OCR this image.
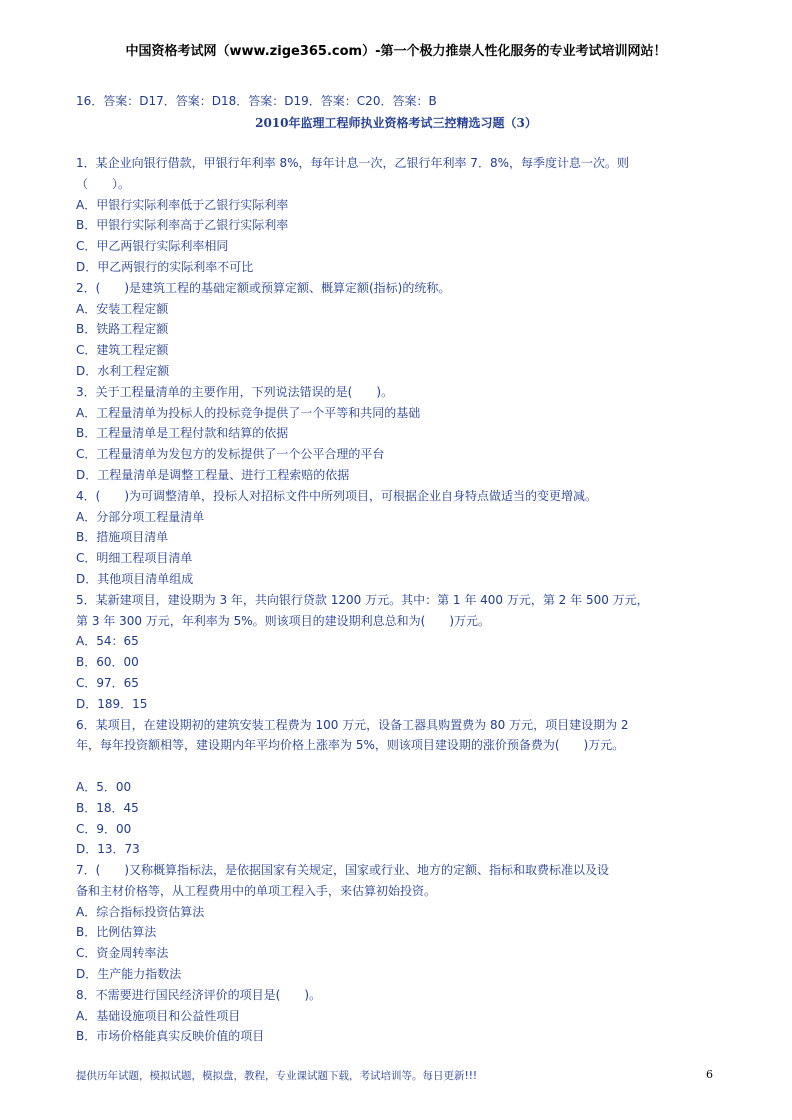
中国资格考试网（www.zige365.com）-第一个极力推崇人性化服务的专业考试培训网站！
16．答案：D17．答案：D18．答案：D19．答案：C20．答案：B
2010年监理工程师执业资格考试三控精选习题（3）
1．某企业向银行借款，甲银行年利率 8%，每年计息一次，乙银行年利率 7．8%，每季度计息一次。则
（　　）。
A．甲银行实际利率低于乙银行实际利率
B．甲银行实际利率高于乙银行实际利率
C．甲乙两银行实际利率相同
D．甲乙两银行的实际利率不可比
2．(　　)是建筑工程的基础定额或预算定额、概算定额(指标)的统称。
A．安装工程定额
B．铁路工程定额
C．建筑工程定额
D．水利工程定额
3．关于工程量清单的主要作用，下列说法错误的是(　　)。
A．工程量清单为投标人的投标竞争提供了一个平等和共同的基础
B．工程量清单是工程付款和结算的依据
C．工程量清单为发包方的发标提供了一个公平合理的平台
D．工程量清单是调整工程量、进行工程索赔的依据
4．(　　)为可调整清单，投标人对招标文件中所列项目，可根据企业自身特点做适当的变更增减。
A．分部分项工程量清单
B．措施项目清单
C．明细工程项目清单
D．其他项目清单组成
5．某新建项目，建设期为 3 年，共向银行贷款 1200 万元。其中：第 1 年 400 万元，第 2 年 500 万元，
第 3 年 300 万元，年利率为 5%。则该项目的建设期利息总和为(　　)万元。
A．54：65
B．60．00
C．97．65
D．189．15
6．某项目，在建设期初的建筑安装工程费为 100 万元，设备工器具购置费为 80 万元，项目建设期为 2
年，每年投资额相等，建设期内年平均价格上涨率为 5%，则该项目建设期的涨价预备费为(　　)万元。
A．5．00
B．18．45
C．9．00
D．13．73
7．(　　)又称概算指标法，是依据国家有关规定，国家或行业、地方的定额、指标和取费标准以及设
备和主材价格等，从工程费用中的单项工程入手，来估算初始投资。
A．综合指标投资估算法
B．比例估算法
C．资金周转率法
D．生产能力指数法
8．不需要进行国民经济评价的项目是(　　)。
A．基础设施项目和公益性项目
B．市场价格能真实反映价值的项目
提供历年试题，模拟试题，模拟盘，教程，专业课试题下载，考试培训等。每日更新!!!	6
